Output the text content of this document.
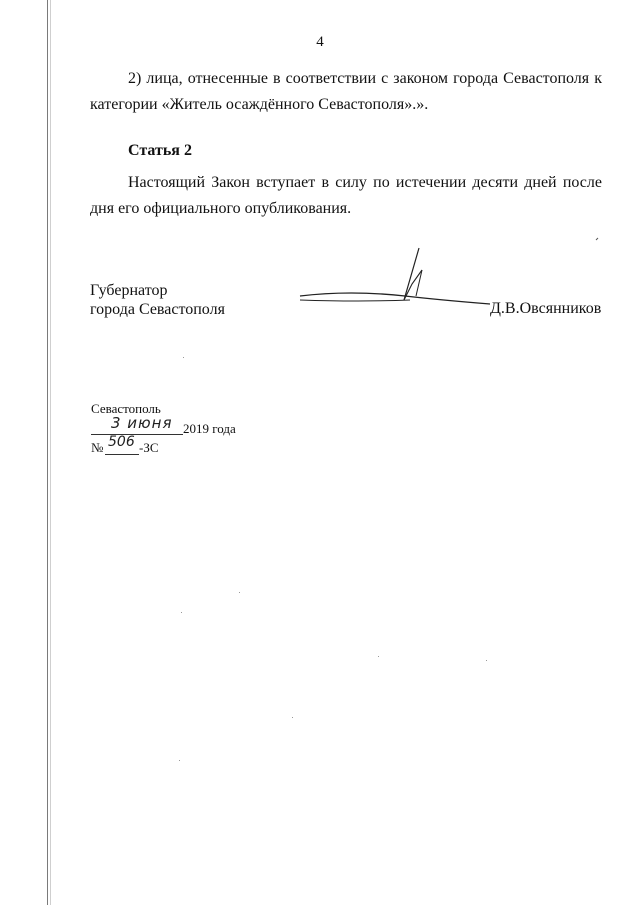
4
2) лица, отнесенные в соответствии с законом города Севастополя к категории «Житель осаждённого Севастополя».».
Статья 2
Настоящий Закон вступает в силу по истечении десяти дней после дня его официального опубликования.
Губернатор
города Севастополя	Д.В.Овсянников
Севастополь
3 июня 2019 года
№ 506 -ЗС
